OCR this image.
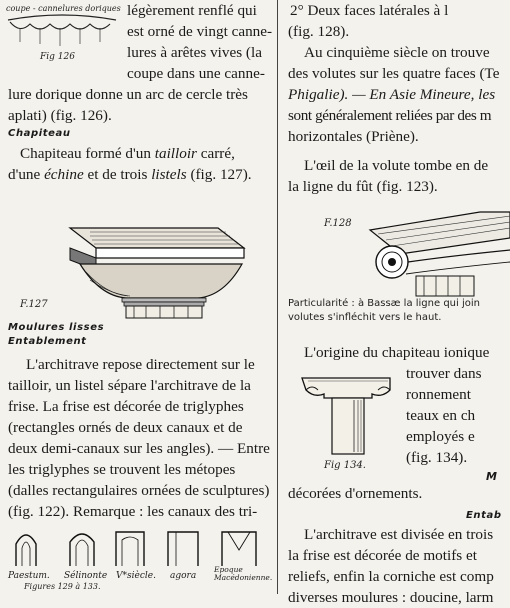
coupe - cannelures doriques
Fig 126
légèrement renflé qui
est orné de vingt canne-
lures à arêtes vives (la
coupe dans une canne-
lure dorique donne un arc de cercle très
aplati) (fig. 126).
Chapiteau
Chapiteau formé d'un tailloir carré,
d'une échine et de trois listels (fig. 127).
F.127
Moulures lisses
Entablement
L'architrave repose directement sur le
tailloir, un listel sépare l'architrave de la
frise. La frise est décorée de triglyphes
(rectangles ornés de deux canaux et de
deux demi-canaux sur les angles). — Entre
les triglyphes se trouvent les métopes
(dalles rectangulaires ornées de sculptures)
(fig. 122). Remarque : les canaux des tri-
Paestum. Sélinonte V*siècle. agora
Epoque Macédonienne.
Figures 129 à 133.
2° Deux faces latérales à l
(fig. 128).
Au cinquième siècle on trouve
des volutes sur les quatre faces (Te
Phigalie). — En Asie Mineure, les
sont généralement reliées par des m
horizontales (Priène).
L'œil de la volute tombe en de
la ligne du fût (fig. 123).
F.128
Particularité : à Bassæ la ligne qui join
volutes s'infléchit vers le haut.
L'origine du chapiteau ionique
trouver dans
ronnement
teaux en ch
employés e
(fig. 134).
Fig 134.
M
décorées d'ornements.
Entab
L'architrave est divisée en trois
la frise est décorée de motifs et
reliefs, enfin la corniche est comp
diverses moulures : doucine, larm
